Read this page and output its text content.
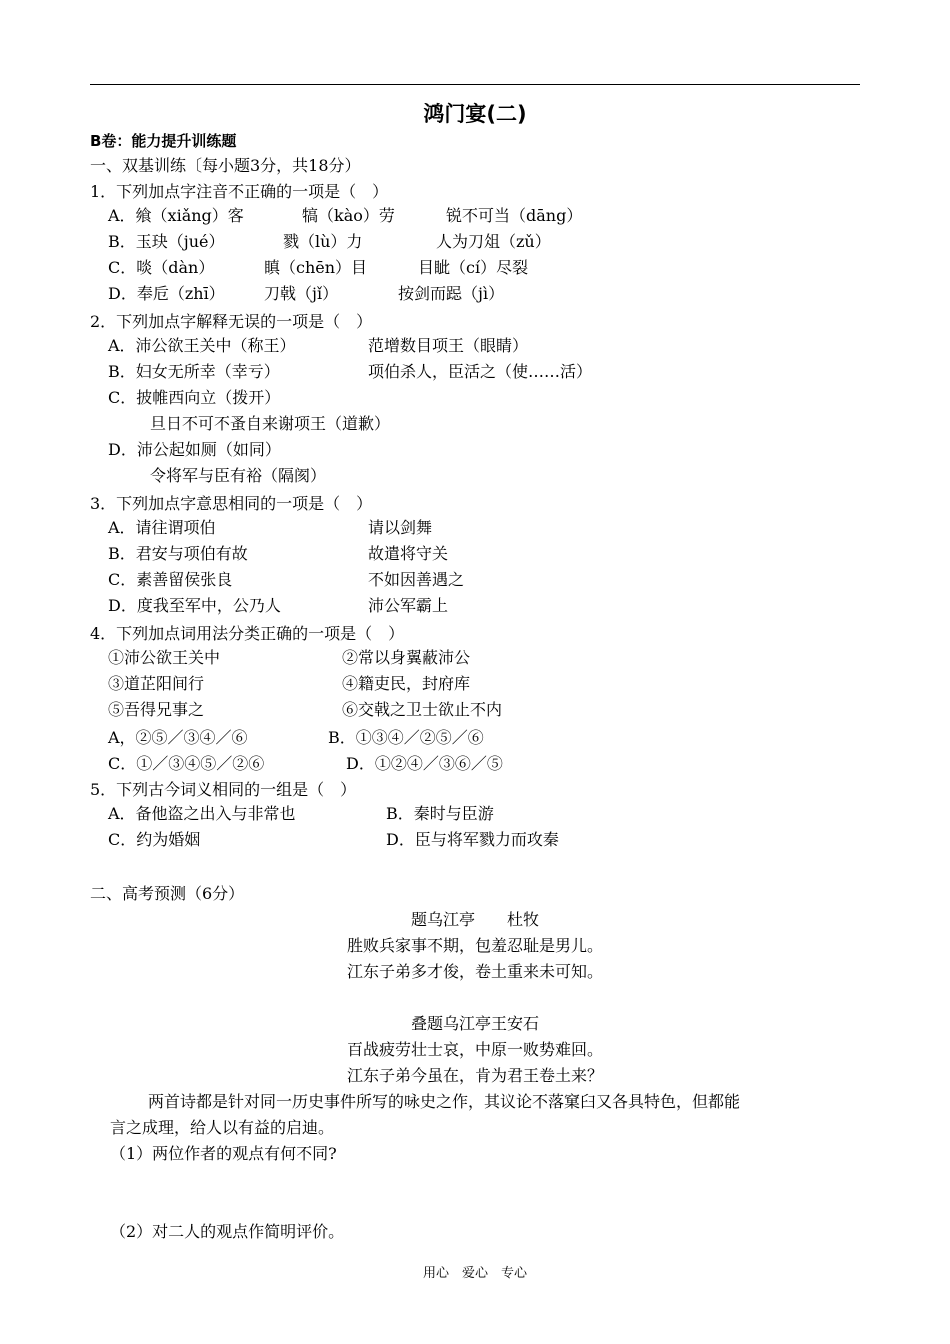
鸿门宴(二)
B卷：能力提升训练题
一、双基训练〔每小题3分，共18分）
1．下列加点字注音不正确的一项是（　）
A．飨（xiǎng）客	犒（kào）劳	锐不可当（dāng）
B．玉玦（jué）	戮（lù）力	人为刀俎（zǔ）
C．啖（dàn）	瞋（chēn）目	目眦（cí）尽裂
D．奉卮（zhī） 刀戟（jǐ）	按剑而跽（jì）
2．下列加点字解释无误的一项是（　）
A．沛公欲王关中（称王）	范增数目项王（眼睛）
B．妇女无所幸（幸亏）	项伯杀人，臣活之（使……活）
C．披帷西向立（拨开）
旦日不可不蚤自来谢项王（道歉）
D．沛公起如厕（如同）
令将军与臣有裕（隔阂）
3．下列加点字意思相同的一项是（　）
A．请往谓项伯	请以剑舞
B．君安与项伯有故	故遣将守关
C．素善留侯张良	不如因善遇之
D．度我至军中，公乃人	沛公军霸上
4．下列加点词用法分类正确的一项是（　）
①沛公欲王关中	②常以身翼蔽沛公
③道芷阳间行	④籍吏民，封府库
⑤吾得兄事之	⑥交戟之卫士欲止不内
A，②⑤／③④／⑥	B．①③④／②⑤／⑥
C．①／③④⑤／②⑥	D．①②④／③⑥／⑤
5．下列古今词义相同的一组是（　）
A．备他盗之出入与非常也	B．秦时与臣游
C．约为婚姻	D．臣与将军戮力而攻秦
二、高考预测（6分）
题乌江亭　　杜牧
胜败兵家事不期，包羞忍耻是男儿。
江东子弟多才俊，卷土重来未可知。
叠题乌江亭王安石
百战疲劳壮士哀，中原一败势难回。
江东子弟今虽在，肯为君王卷土来？
两首诗都是针对同一历史事件所写的咏史之作，其议论不落窠臼又各具特色，但都能
言之成理，给人以有益的启迪。
（1）两位作者的观点有何不同?
（2）对二人的观点作简明评价。
用心　爱心　专心
